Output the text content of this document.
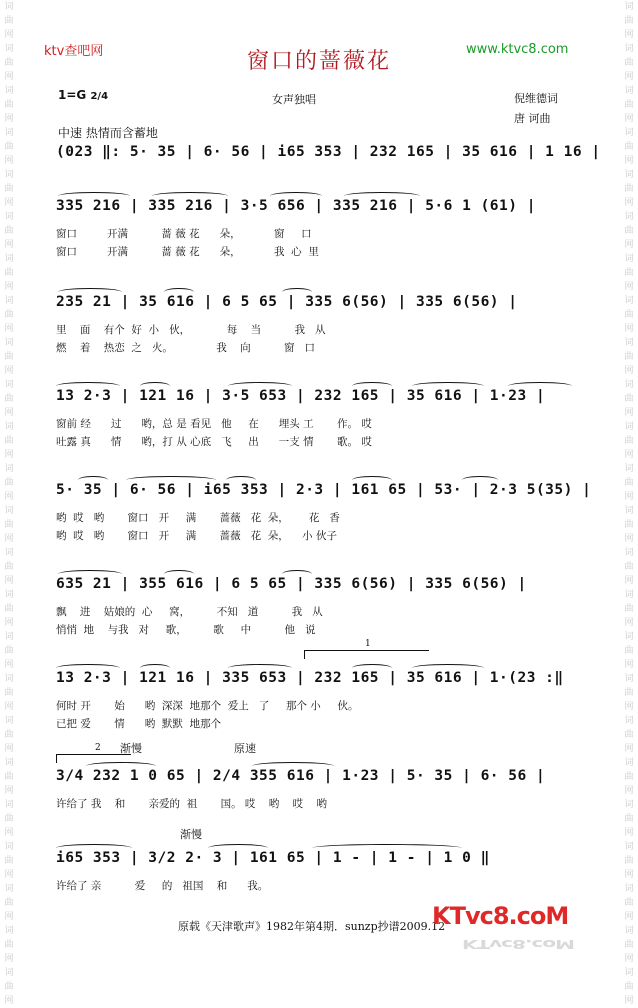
词曲网 词曲网 词曲网 词曲网 词曲网 词曲网 词曲网 词曲网 词曲网 词曲网 词曲网 词曲网 词曲网 词曲网 词曲网 词曲网 词曲网 词曲网 词曲网 词曲网 词曲网 词曲网 词曲网 词曲网
词曲网 词曲网 词曲网 词曲网 词曲网 词曲网 词曲网 词曲网 词曲网 词曲网 词曲网 词曲网 词曲网 词曲网 词曲网 词曲网 词曲网 词曲网 词曲网 词曲网 词曲网 词曲网 词曲网 词曲网
ktv查吧网	www.ktvc8.com
窗口的蔷薇花
1=G 2/4	女声独唱	倪维德词
唐 诃曲
中速 热情而含蓄地
(023 ‖: 5· 35 | 6· 56 | i65 353 | 232 165 | 35 616 | 1 16 |
335 216 | 335 216 | 3·5 656 | 335 216 | 5·6 1 (61) |
窗口         开满          蔷 薇 花      朵，          窗     口
窗口         开满          蔷 薇 花      朵，          我  心  里
235 21 | 35 616 | 6 5 65 | 335 6(56) | 335 6(56) |
里    面    有个  好  小   伙，           每    当          我   从
燃    着    热恋  之   火。             我    向          窗   口
13 2·3 | 121 16 | 3·5 653 | 232 165 | 35 616 | 1·23 |
窗前 经      过      哟，总 是 看见   他     在      埋头 工       作。 哎
吐露 真      情      哟，打 从 心底   飞     出      一支 情       歌。 哎
5· 35 | 6· 56 | i65 353 | 2·3 | 161 65 | 53· | 2·3 5(35) |
哟  哎   哟       窗口   开     满       蔷薇   花  朵，      花   香
哟  哎   哟       窗口   开     满       蔷薇   花  朵，    小 伙子
635 21 | 355 616 | 6 5 65 | 335 6(56) | 335 6(56) |
飘    进    姑娘的  心     窝，        不知   道          我   从
悄悄  地    与我   对     歌，        歌     中          他   说
1
13 2·3 | 121 16 | 335 653 | 232 165 | 35 616 | 1·(23 :‖
何时 开       始      哟  深深  地那个  爱上   了     那个 小     伙。
已把 爱       情      哟  默默  地那个
2 渐慢	原速
3/4 232 1 0 65 | 2/4 355 616 | 1·23 | 5· 35 | 6· 56 |
许给了 我    和       亲爱的  祖       国。 哎    哟    哎    哟
渐慢
i65 353 | 3/2 2· 3 | 161 65 | 1 - | 1 - | 1 0 ‖
许给了 亲          爱     的   祖国    和      我。
原载《天津歌声》1982年第4期．sunzp抄谱2009.12
KTvc8.coM
KTvc8.coM
